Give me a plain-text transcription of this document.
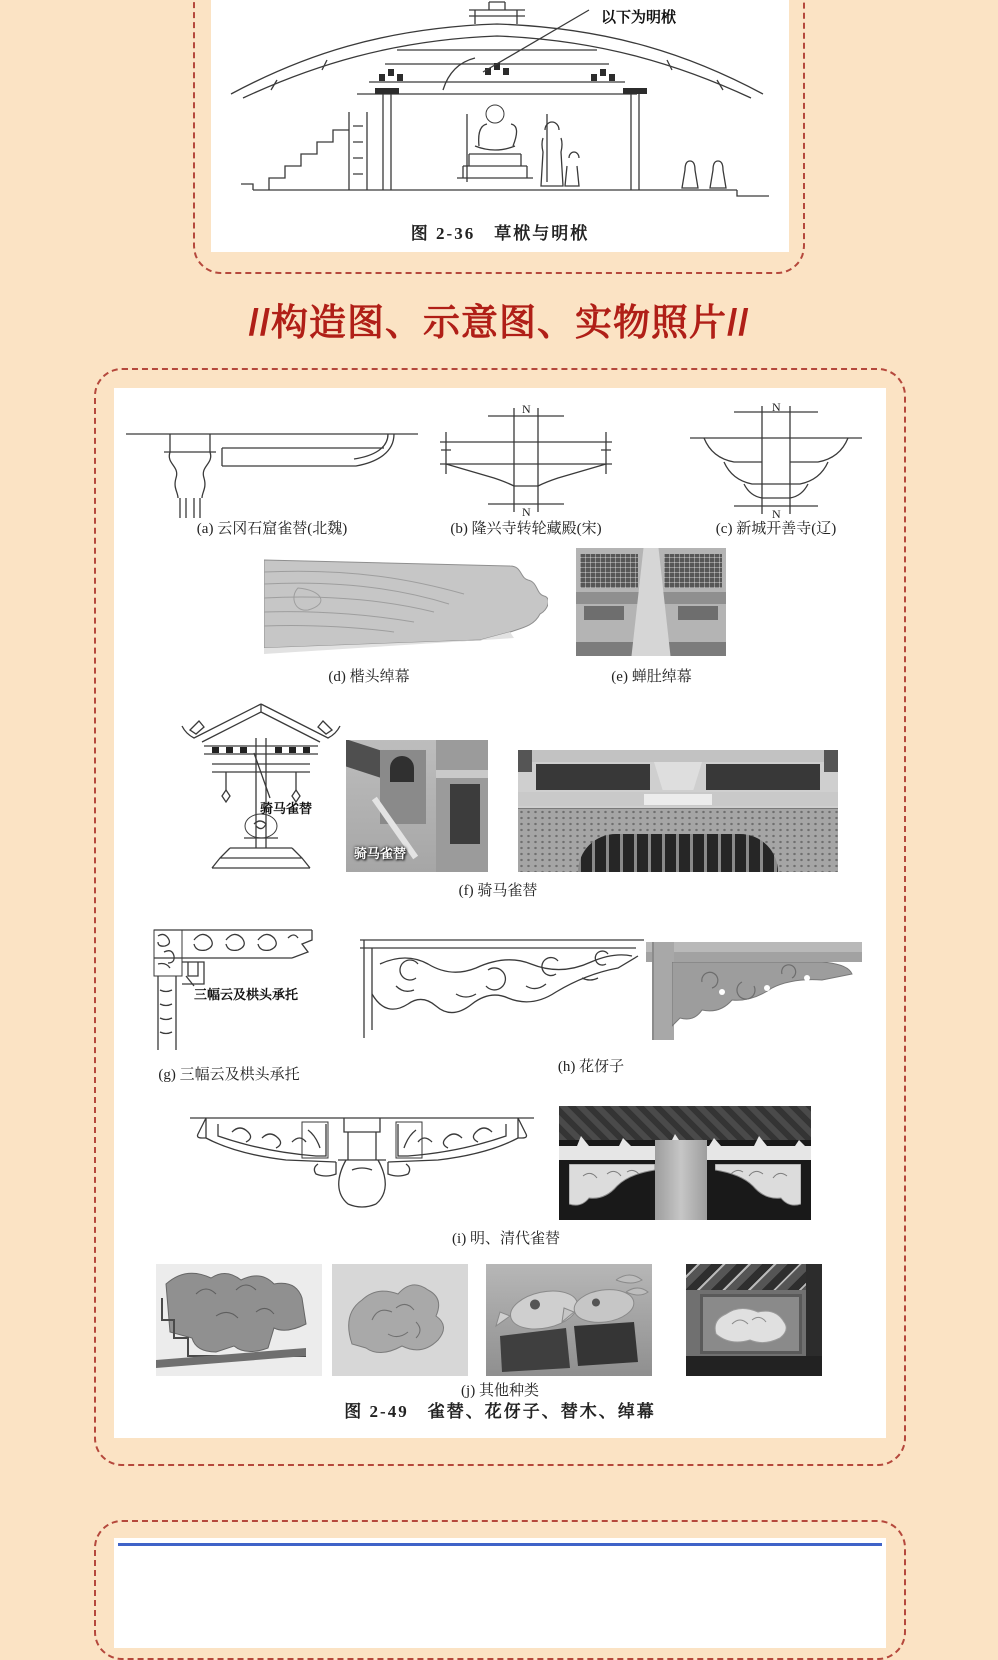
以下为明栿
图 2-36　草栿与明栿
//构造图、示意图、实物照片//
(a) 云冈石窟雀替(北魏)
N
N
(b) 隆兴寺转轮藏殿(宋)
N
N
(c) 新城开善寺(辽)
(d) 楷头绰幕	(e) 蝉肚绰幕
骑马雀替
骑马雀替
(f) 骑马雀替
三幅云及栱头承托
(g) 三幅云及栱头承托	(h) 花伢子
(i) 明、清代雀替
(j) 其他种类
图 2-49　雀替、花伢子、替木、绰幕
